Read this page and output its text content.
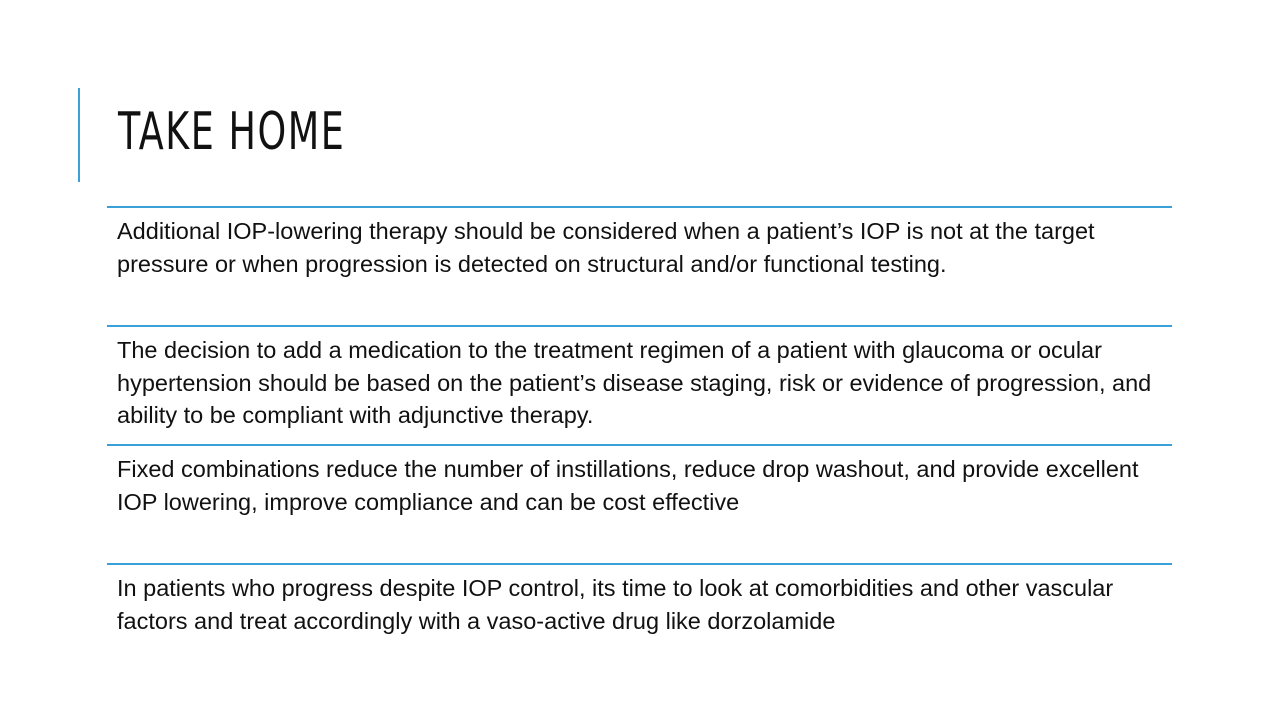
TAKE HOME

Additional IOP-lowering therapy should be considered when a patient’s IOP is not at the target pressure or when progression is detected on structural and/or functional testing.

The decision to add a medication to the treatment regimen of a patient with glaucoma or ocular hypertension should be based on the patient’s disease staging, risk or evidence of progression, and ability to be compliant with adjunctive therapy.

Fixed combinations reduce the number of instillations, reduce drop washout, and provide excellent IOP lowering, improve compliance and can be cost effective

In patients who progress despite IOP control, its time to look at comorbidities and other vascular factors and treat accordingly with a vaso-active drug like dorzolamide
